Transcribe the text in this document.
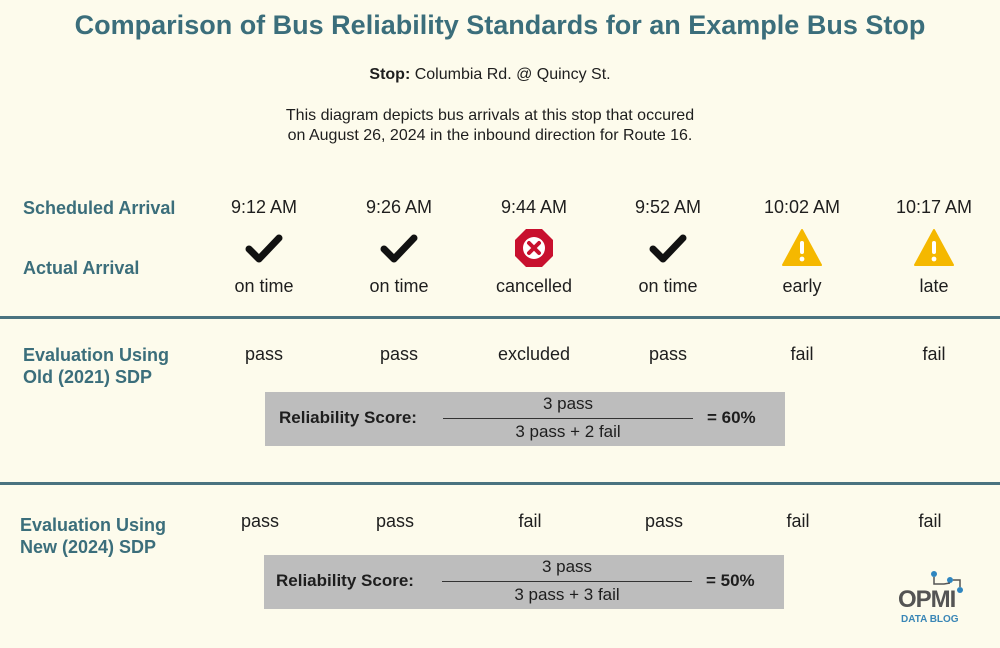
Comparison of Bus Reliability Standards for an Example Bus Stop
Stop: Columbia Rd. @ Quincy St.
This diagram depicts bus arrivals at this stop that occured
on August 26, 2024 in the inbound direction for Route 16.
Scheduled Arrival
Actual Arrival
Evaluation Using
Old (2021) SDP
Reliability Score:
3 pass
3 pass + 2 fail
= 60%
Evaluation Using
New (2024) SDP
Reliability Score:
3 pass
3 pass + 3 fail
= 50%
9:12 AM
on time
pass
pass
9:26 AM
on time
pass
pass
9:44 AM
cancelled
excluded
fail
9:52 AM
on time
pass
pass
10:02 AM
early
fail
fail
10:17 AM
late
fail
fail
OPMI
DATA BLOG
